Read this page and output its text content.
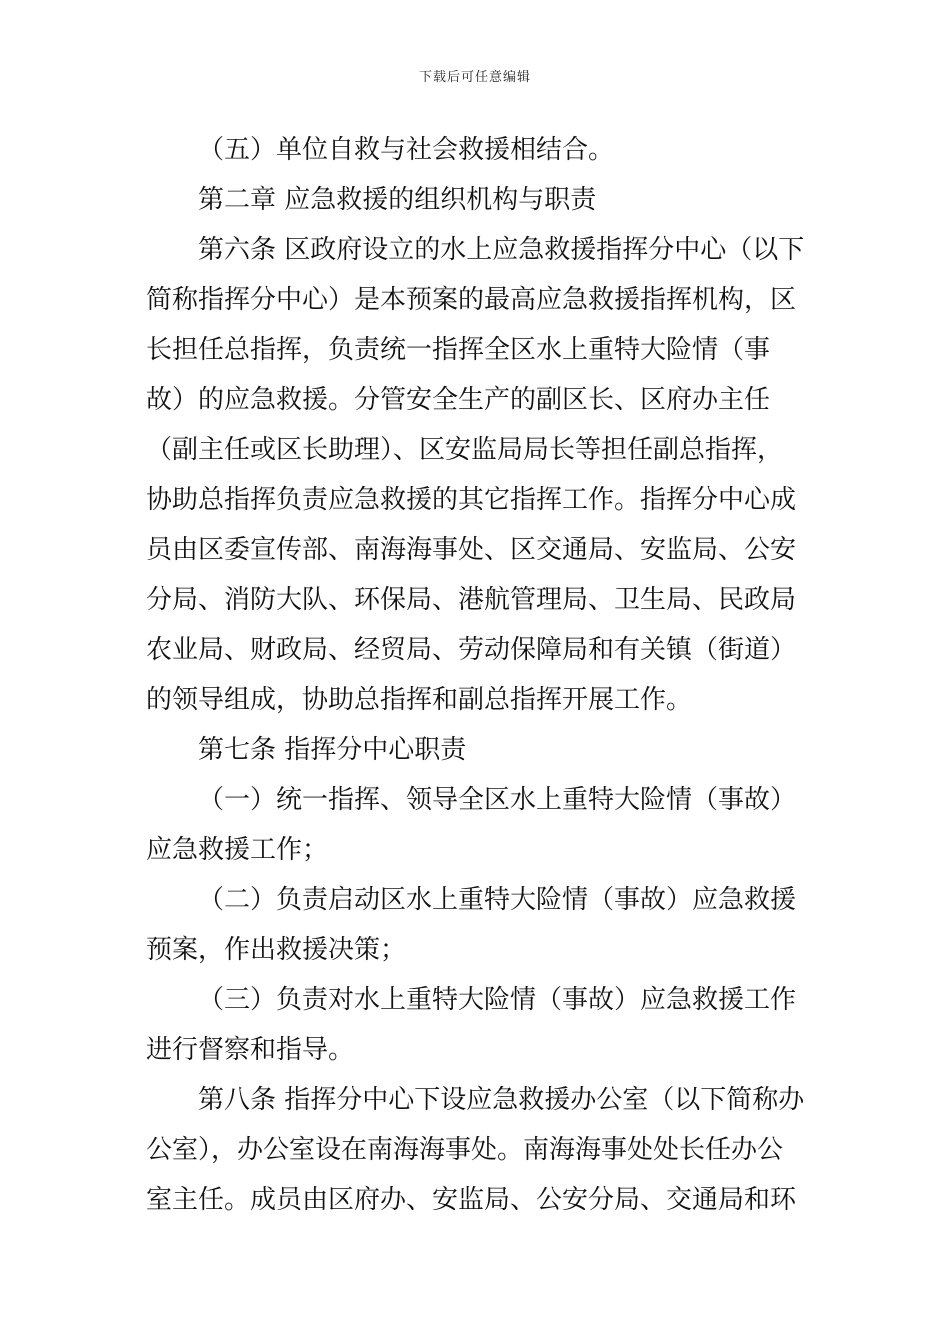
下载后可任意编辑
（五）单位自救与社会救援相结合。
第二章 应急救援的组织机构与职责
第六条 区政府设立的水上应急救援指挥分中心（以下
简称指挥分中心）是本预案的最高应急救援指挥机构，区
长担任总指挥，负责统一指挥全区水上重特大险情（事
故）的应急救援。分管安全生产的副区长、区府办主任
（副主任或区长助理）、区安监局局长等担任副总指挥，
协助总指挥负责应急救援的其它指挥工作。指挥分中心成
员由区委宣传部、南海海事处、区交通局、安监局、公安
分局、消防大队、环保局、港航管理局、卫生局、民政局
农业局、财政局、经贸局、劳动保障局和有关镇（街道）
的领导组成，协助总指挥和副总指挥开展工作。
第七条 指挥分中心职责
（一）统一指挥、领导全区水上重特大险情（事故）
应急救援工作；
（二）负责启动区水上重特大险情（事故）应急救援
预案，作出救援决策；
（三）负责对水上重特大险情（事故）应急救援工作
进行督察和指导。
第八条 指挥分中心下设应急救援办公室（以下简称办
公室），办公室设在南海海事处。南海海事处处长任办公
室主任。成员由区府办、安监局、公安分局、交通局和环
